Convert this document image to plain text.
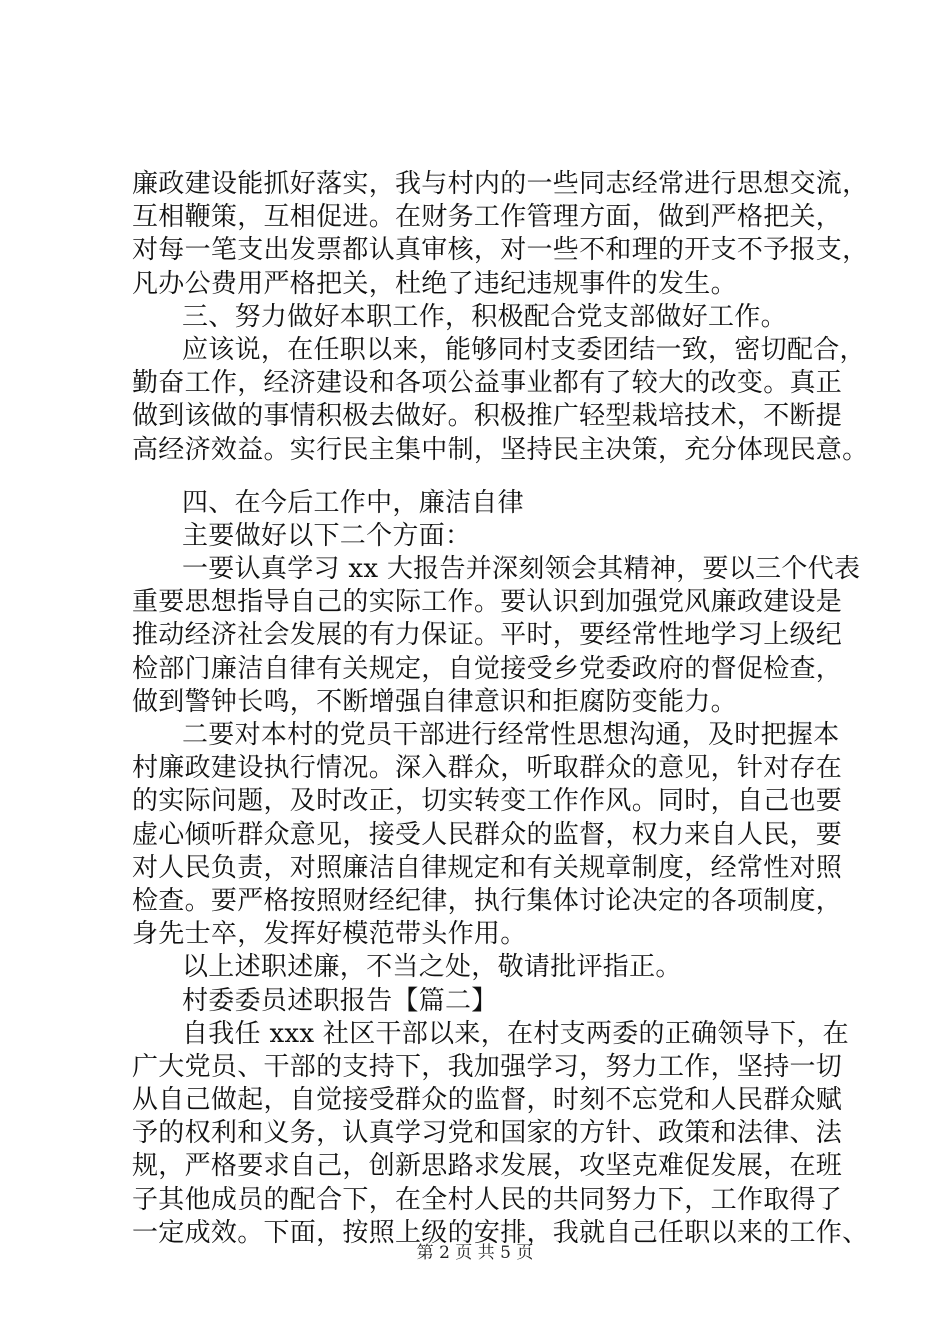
廉政建设能抓好落实，我与村内的一些同志经常进行思想交流，
互相鞭策，互相促进。在财务工作管理方面，做到严格把关，
对每一笔支出发票都认真审核，对一些不和理的开支不予报支，
凡办公费用严格把关，杜绝了违纪违规事件的发生。
三、努力做好本职工作，积极配合党支部做好工作。
应该说，在任职以来，能够同村支委团结一致，密切配合，
勤奋工作，经济建设和各项公益事业都有了较大的改变。真正
做到该做的事情积极去做好。积极推广轻型栽培技术，不断提
高经济效益。实行民主集中制，坚持民主决策，充分体现民意。
四、在今后工作中，廉洁自律
主要做好以下二个方面：
一要认真学习 xx 大报告并深刻领会其精神，要以三个代表
重要思想指导自己的实际工作。要认识到加强党风廉政建设是
推动经济社会发展的有力保证。平时，要经常性地学习上级纪
检部门廉洁自律有关规定，自觉接受乡党委政府的督促检查，
做到警钟长鸣，不断增强自律意识和拒腐防变能力。
二要对本村的党员干部进行经常性思想沟通，及时把握本
村廉政建设执行情况。深入群众，听取群众的意见，针对存在
的实际问题，及时改正，切实转变工作作风。同时，自己也要
虚心倾听群众意见，接受人民群众的监督，权力来自人民，要
对人民负责，对照廉洁自律规定和有关规章制度，经常性对照
检查。要严格按照财经纪律，执行集体讨论决定的各项制度，
身先士卒，发挥好模范带头作用。
以上述职述廉，不当之处，敬请批评指正。
村委委员述职报告【篇二】
自我任 xxx 社区干部以来，在村支两委的正确领导下，在
广大党员、干部的支持下，我加强学习，努力工作，坚持一切
从自己做起，自觉接受群众的监督，时刻不忘党和人民群众赋
予的权利和义务，认真学习党和国家的方针、政策和法律、法
规，严格要求自己，创新思路求发展，攻坚克难促发展，在班
子其他成员的配合下，在全村人民的共同努力下，工作取得了
一定成效。下面，按照上级的安排，我就自己任职以来的工作、
第 2 页 共 5 页
